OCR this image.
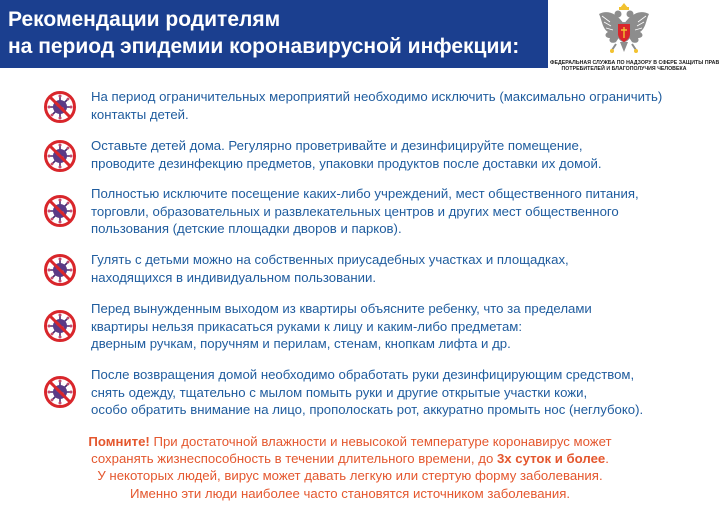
Рекомендации родителям
на период эпидемии коронавирусной инфекции:
ФЕДЕРАЛЬНАЯ СЛУЖБА ПО НАДЗОРУ В СФЕРЕ ЗАЩИТЫ ПРАВ
ПОТРЕБИТЕЛЕЙ И БЛАГОПОЛУЧИЯ ЧЕЛОВЕКА
На период ограничительных мероприятий необходимо исключить (максимально ограничить)
контакты детей.
Оставьте детей дома. Регулярно проветривайте и дезинфицируйте помещение,
проводите дезинфекцию предметов, упаковки продуктов после доставки их домой.
Полностью исключите посещение каких-либо учреждений, мест общественного питания,
торговли, образовательных и развлекательных центров и других мест общественного
пользования (детские площадки дворов и парков).
Гулять с детьми можно на собственных приусадебных участках и площадках,
находящихся в индивидуальном пользовании.
Перед вынужденным выходом из квартиры объясните ребенку, что за пределами
квартиры нельзя прикасаться руками к лицу и каким-либо предметам:
дверным ручкам, поручням и перилам, стенам, кнопкам лифта и др.
После возвращения домой необходимо обработать руки дезинфицирующим средством,
снять одежду, тщательно с мылом помыть руки и другие открытые участки кожи,
особо обратить внимание на лицо, прополоскать рот, аккуратно промыть нос (неглубоко).
Помните! При достаточной влажности и невысокой температуре коронавирус может
сохранять жизнеспособность в течении длительного времени, до 3х суток и более.
У некоторых людей, вирус может давать легкую или стертую форму заболевания.
Именно эти люди наиболее часто становятся источником заболевания.
